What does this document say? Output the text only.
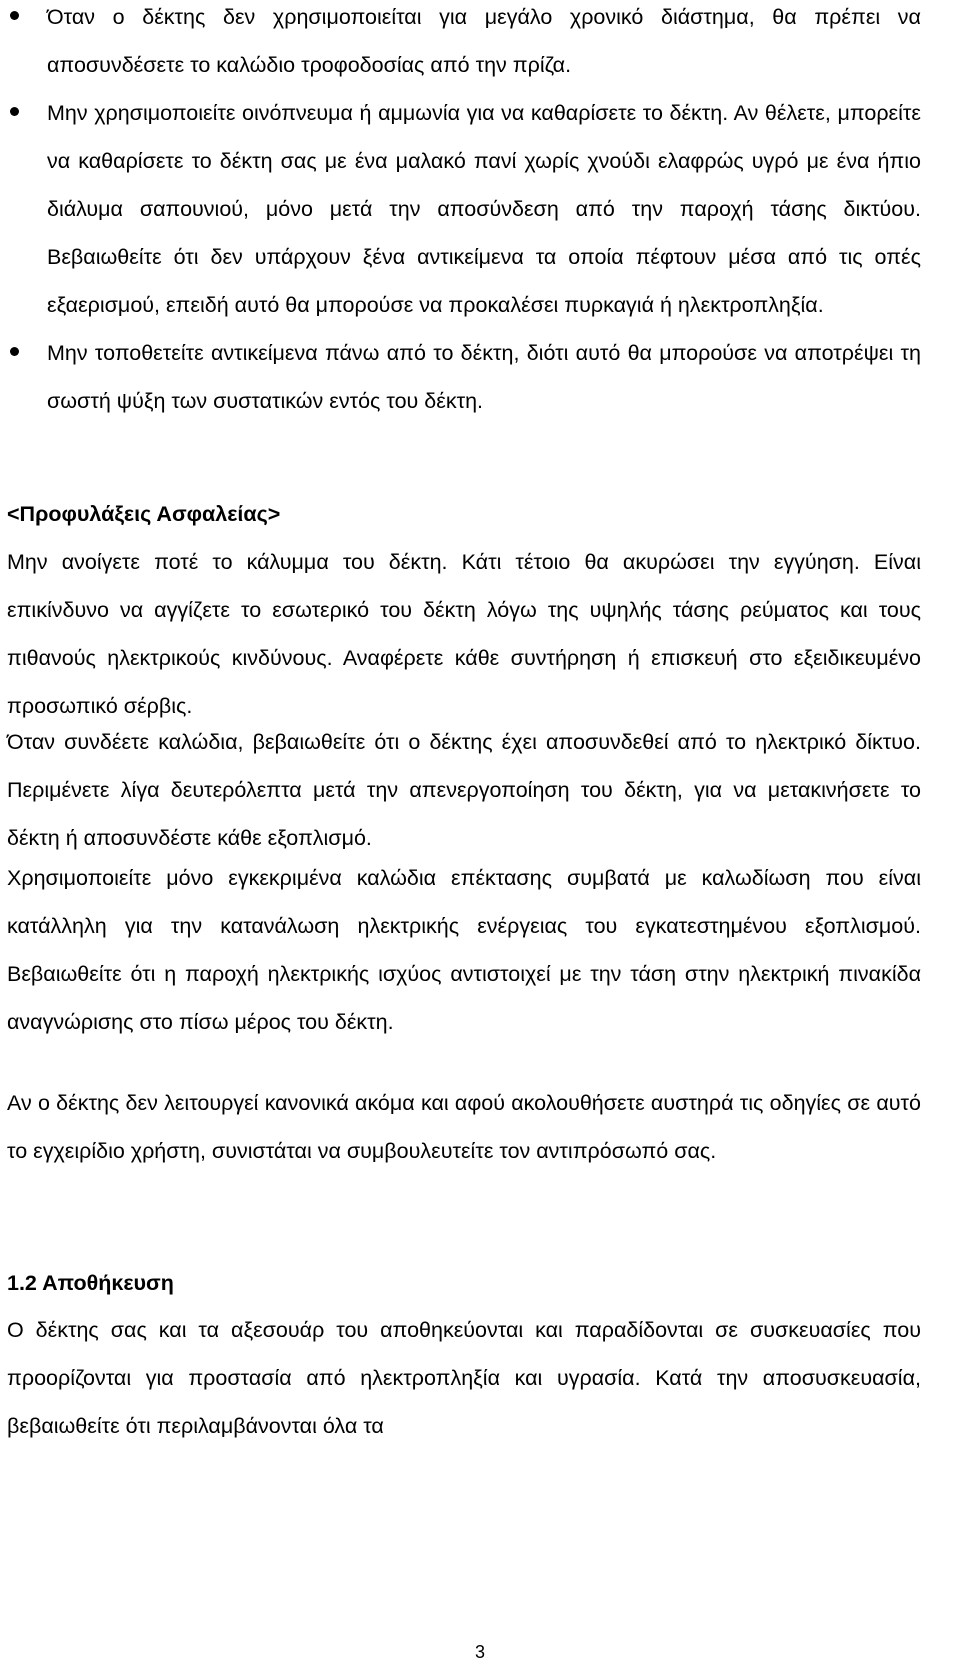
Όταν ο δέκτης δεν χρησιμοποιείται για μεγάλο χρονικό διάστημα, θα πρέπει να αποσυνδέσετε το καλώδιο τροφοδοσίας από την πρίζα.
Μην χρησιμοποιείτε οινόπνευμα ή αμμωνία για να καθαρίσετε το δέκτη. Αν θέλετε, μπορείτε να καθαρίσετε το δέκτη σας με ένα μαλακό πανί χωρίς χνούδι ελαφρώς υγρό με ένα ήπιο διάλυμα σαπουνιού, μόνο μετά την αποσύνδεση από την παροχή τάσης δικτύου. Βεβαιωθείτε ότι δεν υπάρχουν ξένα αντικείμενα τα οποία πέφτουν μέσα από τις οπές εξαερισμού, επειδή αυτό θα μπορούσε να προκαλέσει πυρκαγιά ή ηλεκτροπληξία.
Μην τοποθετείτε αντικείμενα πάνω από το δέκτη, διότι αυτό θα μπορούσε να αποτρέψει τη σωστή ψύξη των συστατικών εντός του δέκτη.

<Προφυλάξεις Ασφαλείας>

Μην ανοίγετε ποτέ το κάλυμμα του δέκτη. Κάτι τέτοιο θα ακυρώσει την εγγύηση. Είναι επικίνδυνο να αγγίζετε το εσωτερικό του δέκτη λόγω της υψηλής τάσης ρεύματος και τους πιθανούς ηλεκτρικούς κινδύνους. Αναφέρετε κάθε συντήρηση ή επισκευή στο εξειδικευμένο προσωπικό σέρβις.

Όταν συνδέετε καλώδια, βεβαιωθείτε ότι ο δέκτης έχει αποσυνδεθεί από το ηλεκτρικό δίκτυο. Περιμένετε λίγα δευτερόλεπτα μετά την απενεργοποίηση του δέκτη, για να μετακινήσετε το δέκτη ή αποσυνδέστε κάθε εξοπλισμό.

Χρησιμοποιείτε μόνο εγκεκριμένα καλώδια επέκτασης συμβατά με καλωδίωση που είναι κατάλληλη για την κατανάλωση ηλεκτρικής ενέργειας του εγκατεστημένου εξοπλισμού. Βεβαιωθείτε ότι η παροχή ηλεκτρικής ισχύος αντιστοιχεί με την τάση στην ηλεκτρική πινακίδα αναγνώρισης στο πίσω μέρος του δέκτη.

Αν ο δέκτης δεν λειτουργεί κανονικά ακόμα και αφού ακολουθήσετε αυστηρά τις οδηγίες σε αυτό το εγχειρίδιο χρήστη, συνιστάται να συμβουλευτείτε τον αντιπρόσωπό σας.

1.2 Αποθήκευση

Ο δέκτης σας και τα αξεσουάρ του αποθηκεύονται και παραδίδονται σε συσκευασίες που προορίζονται για προστασία από ηλεκτροπληξία και υγρασία. Κατά την αποσυσκευασία, βεβαιωθείτε ότι περιλαμβάνονται όλα τα

3
